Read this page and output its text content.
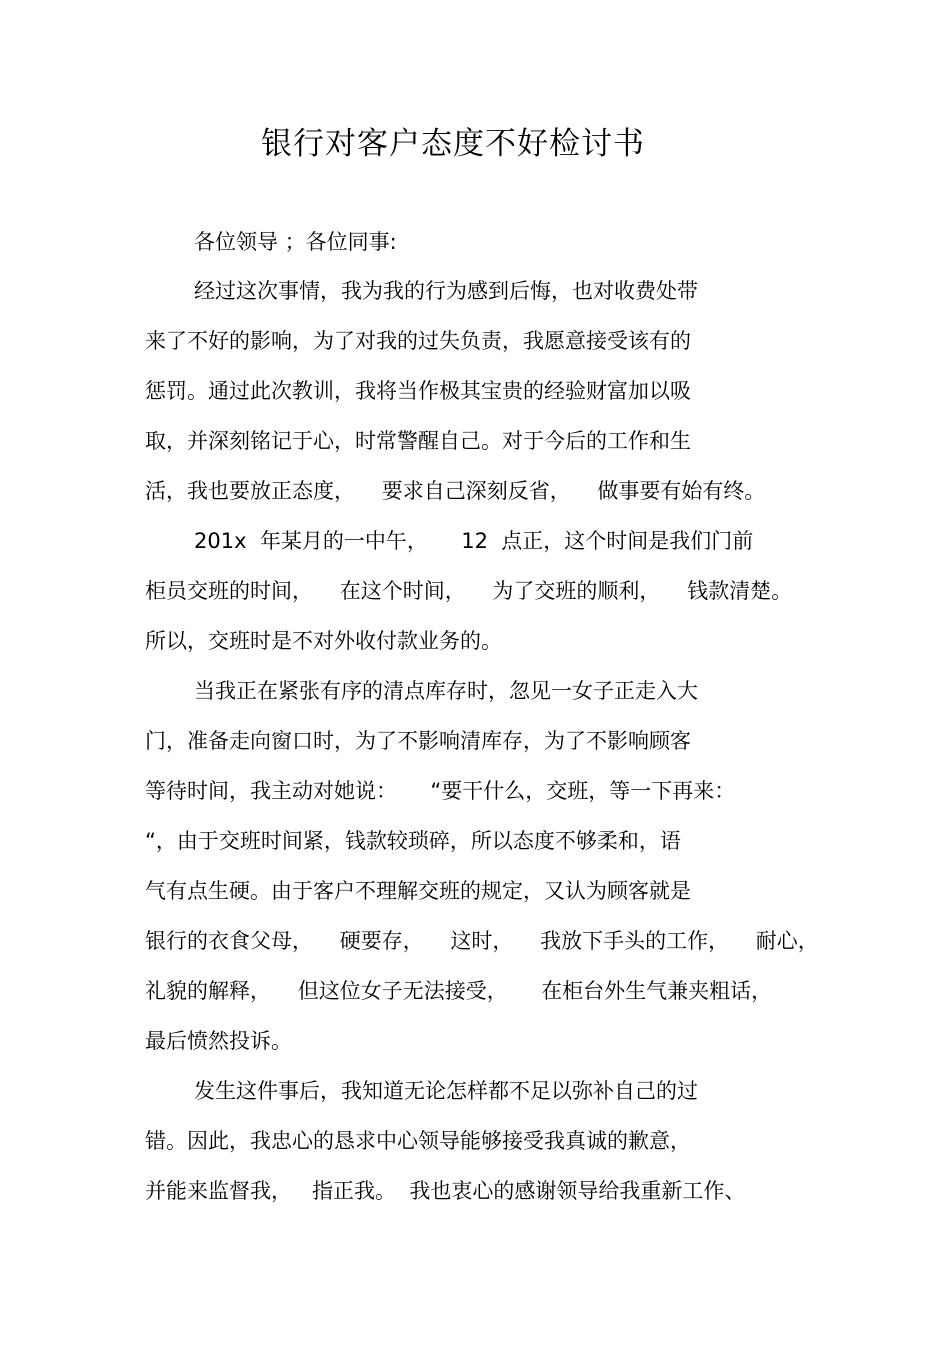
银行对客户态度不好检讨书
各位领导 ；各位同事:
经过这次事情，我为我的行为感到后悔，也对收费处带
来了不好的影响，为了对我的过失负责，我愿意接受该有的
惩罚。通过此次教训，我将当作极其宝贵的经验财富加以吸
取，并深刻铭记于心，时常警醒自己。对于今后的工作和生
活，我也要放正态度，    要求自己深刻反省，    做事要有始有终。
201x  年某月的一中午，     12  点正，这个时间是我们门前
柜员交班的时间，    在这个时间，    为了交班的顺利，    钱款清楚。
所以，交班时是不对外收付款业务的。
当我正在紧张有序的清点库存时，忽见一女子正走入大
门，准备走向窗口时，为了不影响清库存，为了不影响顾客
等待时间，我主动对她说：     “要干什么，交班，等一下再来：
“，由于交班时间紧，钱款较琐碎，所以态度不够柔和，语
气有点生硬。由于客户不理解交班的规定，又认为顾客就是
银行的衣食父母，    硬要存，    这时，    我放下手头的工作，    耐心，
礼貌的解释，    但这位女子无法接受，     在柜台外生气兼夹粗话，
最后愤然投诉。
发生这件事后，我知道无论怎样都不足以弥补自己的过
错。因此，我忠心的恳求中心领导能够接受我真诚的歉意，
并能来监督我，   指正我。  我也衷心的感谢领导给我重新工作、
